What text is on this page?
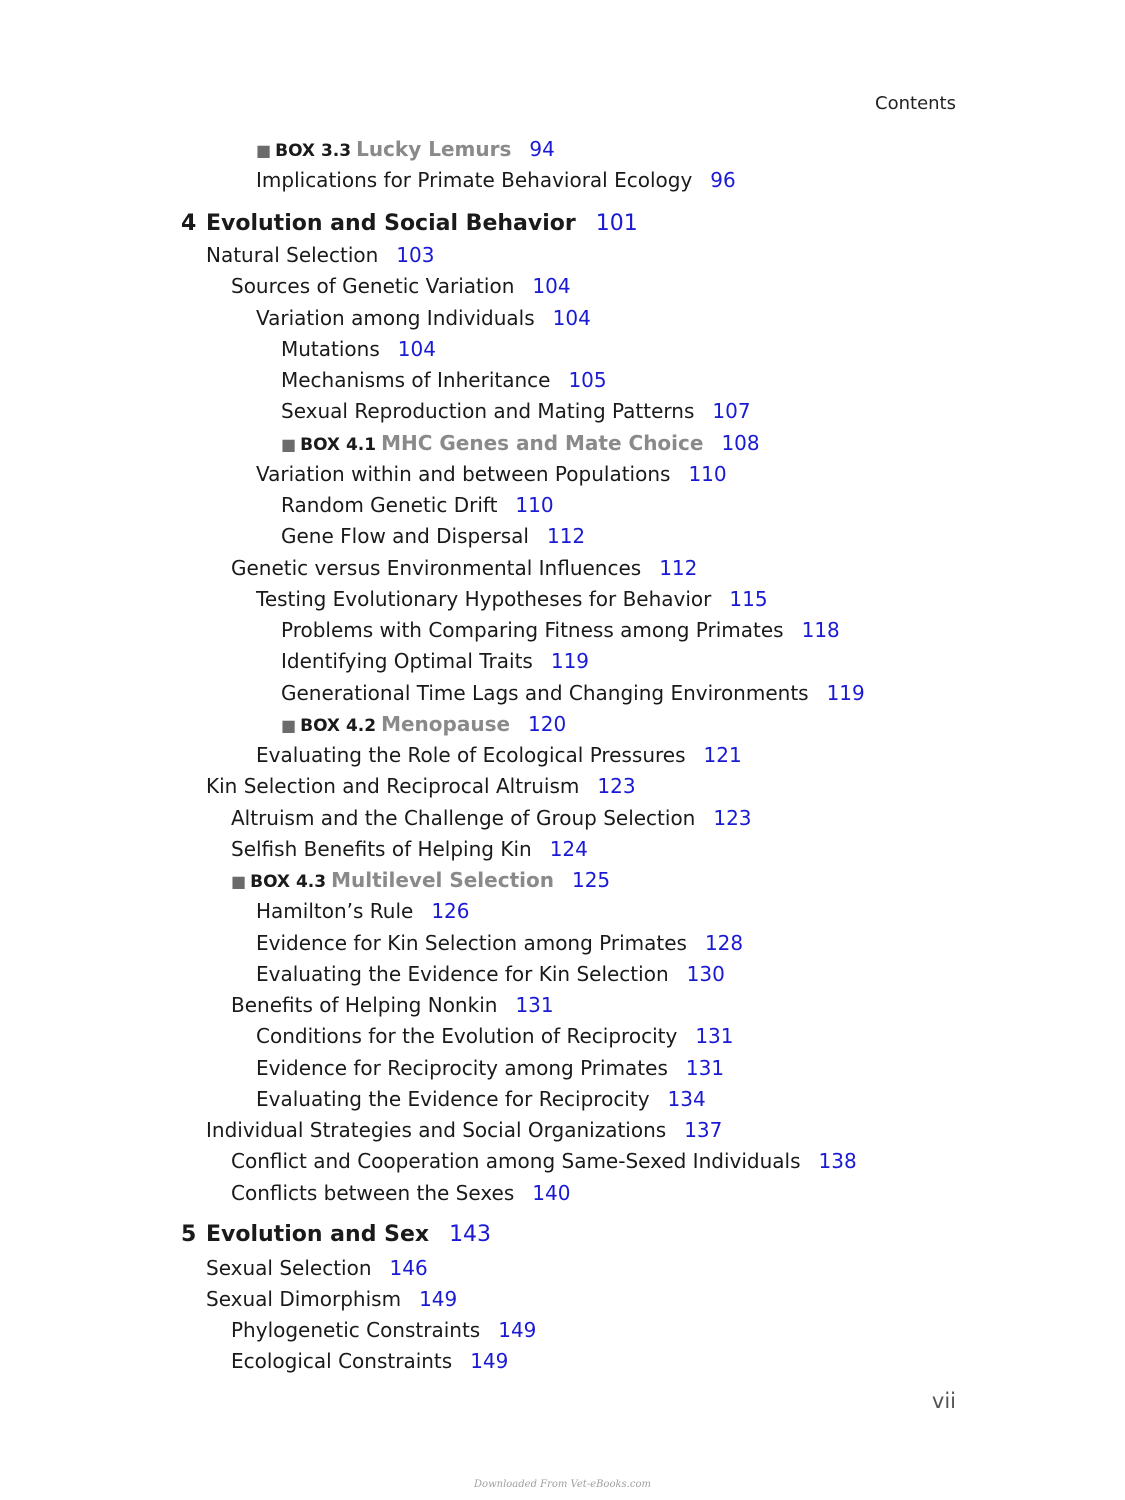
Contents
■ BOX 3.3 Lucky Lemurs 94
Implications for Primate Behavioral Ecology 96
4 Evolution and Social Behavior 101
Natural Selection 103
Sources of Genetic Variation 104
Variation among Individuals 104
Mutations 104
Mechanisms of Inheritance 105
Sexual Reproduction and Mating Patterns 107
■ BOX 4.1 MHC Genes and Mate Choice 108
Variation within and between Populations 110
Random Genetic Drift 110
Gene Flow and Dispersal 112
Genetic versus Environmental Influences 112
Testing Evolutionary Hypotheses for Behavior 115
Problems with Comparing Fitness among Primates 118
Identifying Optimal Traits 119
Generational Time Lags and Changing Environments 119
■ BOX 4.2 Menopause 120
Evaluating the Role of Ecological Pressures 121
Kin Selection and Reciprocal Altruism 123
Altruism and the Challenge of Group Selection 123
Selfish Benefits of Helping Kin 124
■ BOX 4.3 Multilevel Selection 125
Hamilton’s Rule 126
Evidence for Kin Selection among Primates 128
Evaluating the Evidence for Kin Selection 130
Benefits of Helping Nonkin 131
Conditions for the Evolution of Reciprocity 131
Evidence for Reciprocity among Primates 131
Evaluating the Evidence for Reciprocity 134
Individual Strategies and Social Organizations 137
Conflict and Cooperation among Same-Sexed Individuals 138
Conflicts between the Sexes 140
5 Evolution and Sex 143
Sexual Selection 146
Sexual Dimorphism 149
Phylogenetic Constraints 149
Ecological Constraints 149
vii
Downloaded From Vet-eBooks.com
